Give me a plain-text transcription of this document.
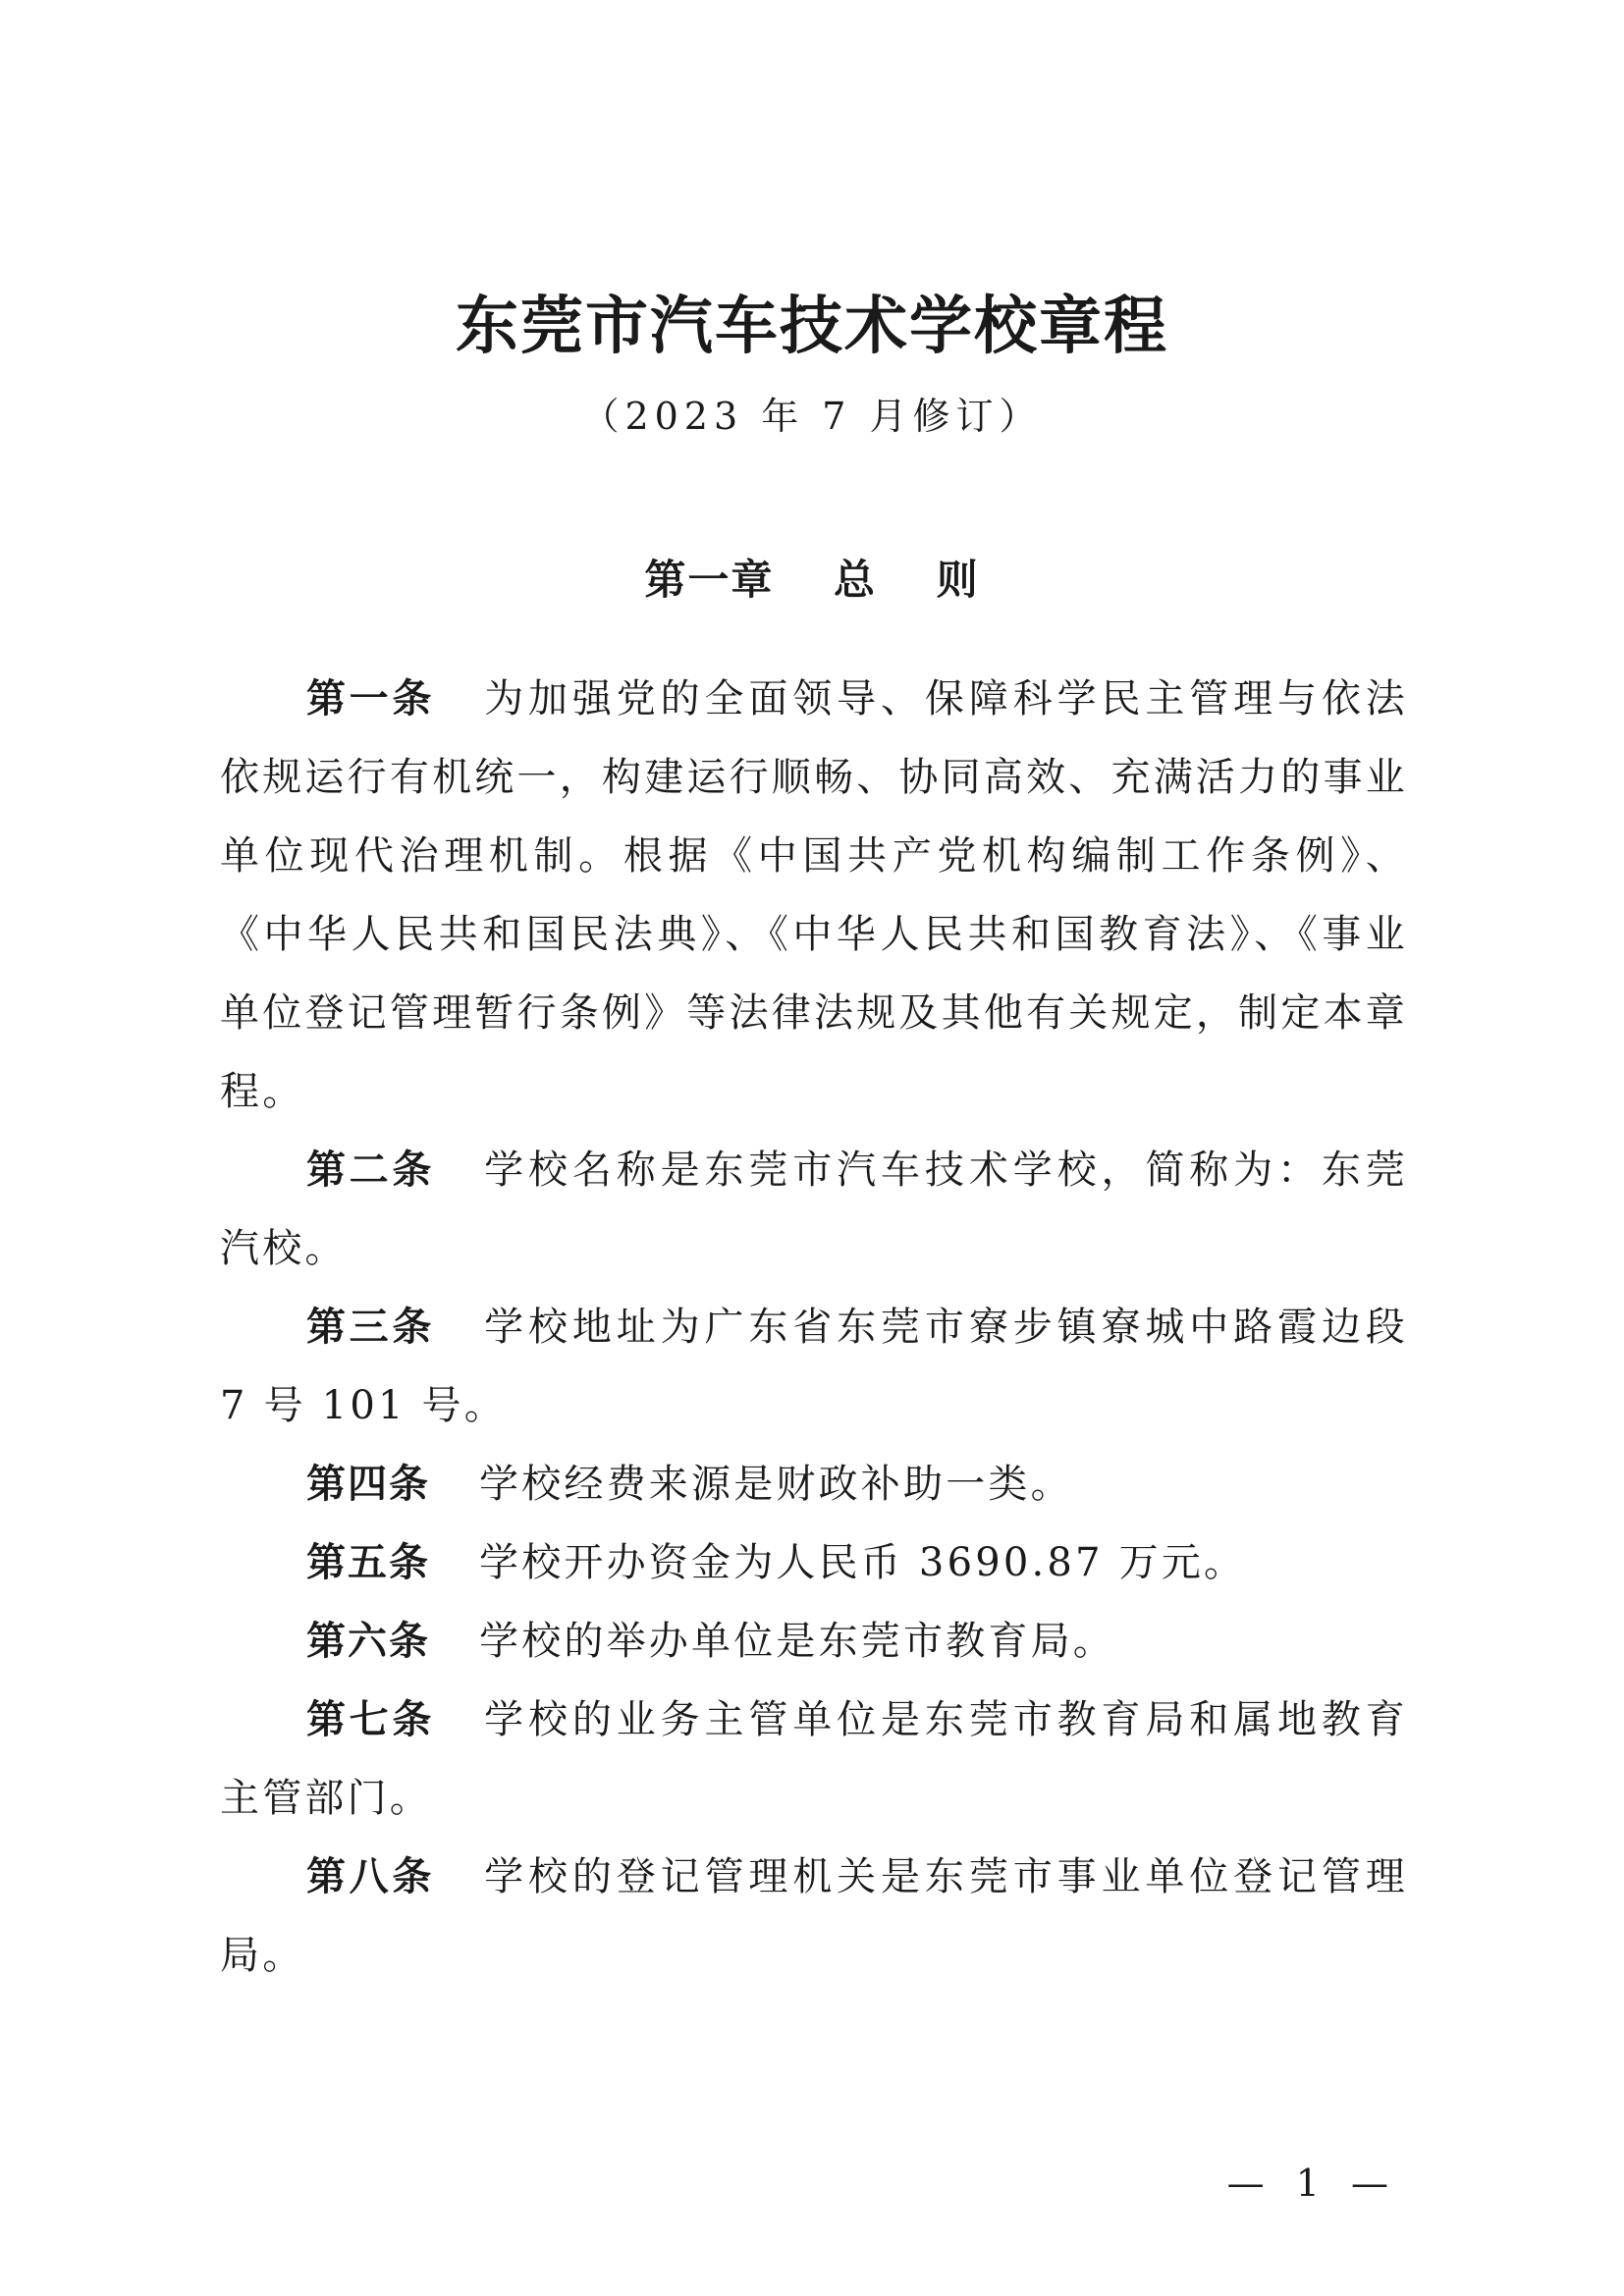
东莞市汽车技术学校章程
（2023 年 7 月修订）
第一章　 总　 则

第一条 为加强党的全面领导、保障科学民主管理与依法依规运行有机统一，构建运行顺畅、协同高效、充满活力的事业单位现代治理机制。根据《中国共产党机构编制工作条例》、《中华人民共和国民法典》、《中华人民共和国教育法》、《事业单位登记管理暂行条例》等法律法规及其他有关规定，制定本章程。

第二条 学校名称是东莞市汽车技术学校，简称为：东莞汽校。

第三条 学校地址为广东省东莞市寮步镇寮城中路霞边段 7 号 101 号。

第四条 学校经费来源是财政补助一类。

第五条 学校开办资金为人民币 3690.87 万元。

第六条 学校的举办单位是东莞市教育局。

第七条 学校的业务主管单位是东莞市教育局和属地教育主管部门。

第八条 学校的登记管理机关是东莞市事业单位登记管理局。

— 1 —
